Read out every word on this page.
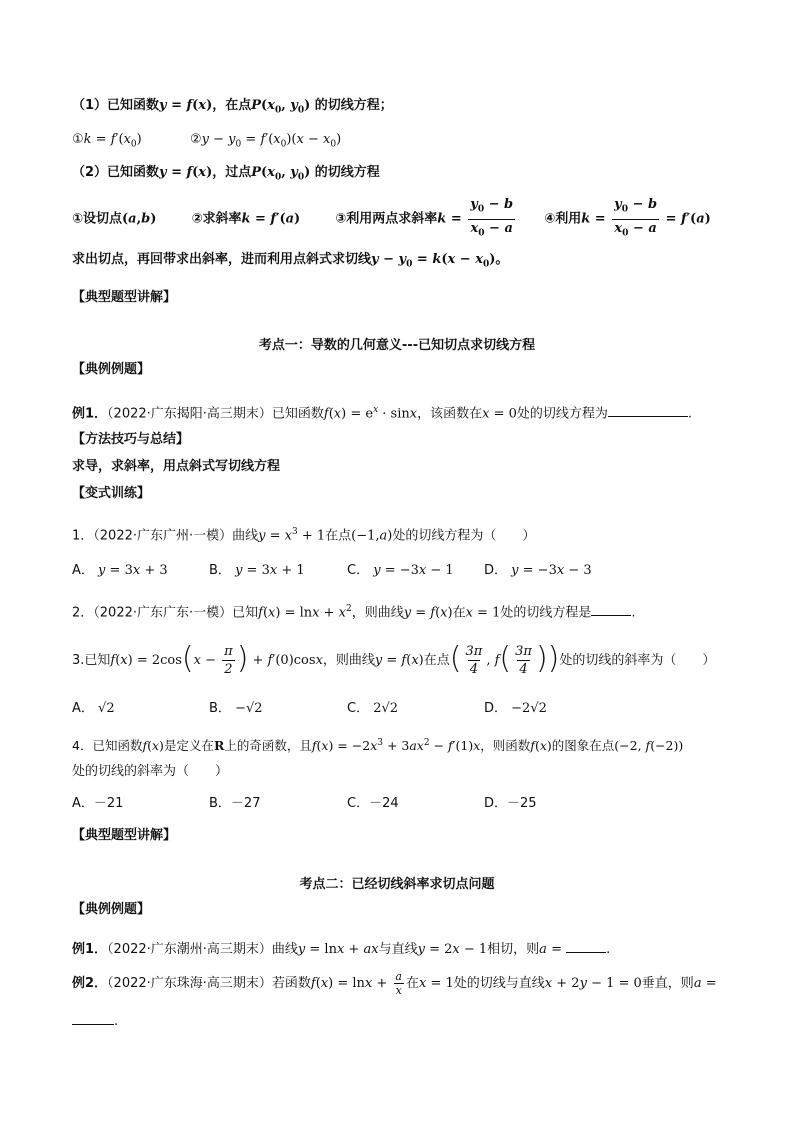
（1）已知函数y = f(x)，在点$P(x_0$, $y_0$) 的切线方程；
①k = $f'(x_0)$	②y − $y_0 = f'(x_0)(x - x_0)$
（2）已知函数y = f(x)，过点$P(x_0$, $y_0$) 的切线方程
①设切点(a,b)	②求斜率k = f′(a)	③利用两点求斜率$k = \frac{y_0 - b}{x_0 - a}$ ④利用$k = \frac{y_0 - b}{x_0 - a} = f'(a)$
求出切点，再回带求出斜率，进而利用点斜式求切线$y - y_0 = k(x - x_0)$。
【典型题型讲解】
考点一：导数的几何意义---已知切点求切线方程
【典例例题】
例1．（2022·广东揭阳·高三期末）已知函数$f(x) = e^x \cdot \sin x$，该函数在x = 0处的切线方程为	.
【方法技巧与总结】
求导，求斜率，用点斜式写切线方程
【变式训练】
1．（2022·广东广州·一模）曲线$y = x^3 + 1$在点(−1,a)处的切线方程为（　　）
A． y = 3x + 3	B． y = 3x + 1	C． y = −3x − 1 D． y = −3x − 3
2．（2022·广东广东·一模）已知$f(x) = \ln x + x^2$，则曲线y = f(x)在x = 1处的切线方程是	.
3.已知$f(x) = 2\cos(x - \frac{\pi}{2}$ ) + f′(0)cosx，则曲线y = f(x)在点( $\frac{3\pi}{4}$ , $f( \frac{3\pi}{4}$ ))处的切线的斜率为（　　）
A． √2	B． −√2	C． 2√2	D． −2√2
4．已知函数f(x)是定义在R上的奇函数，且$f(x) = -2x^3 + 3ax^2 - f'(1)x$，则函数f(x)的图象在点(−2, f(−2))
处的切线的斜率为（　　）
A．－21	B．－27	C．－24	D．－25
【典型题型讲解】
考点二：已经切线斜率求切点问题
【典例例题】
例1．（2022·广东潮州·高三期末）曲线y = lnx + ax与直线y = 2x − 1相切，则a =	.
例2．（2022·广东珠海·高三期末）若函数$f(x) = \ln x + \frac{a}{x}$ 在x = 1处的切线与直线x + 2y − 1 = 0垂直，则a =
.
